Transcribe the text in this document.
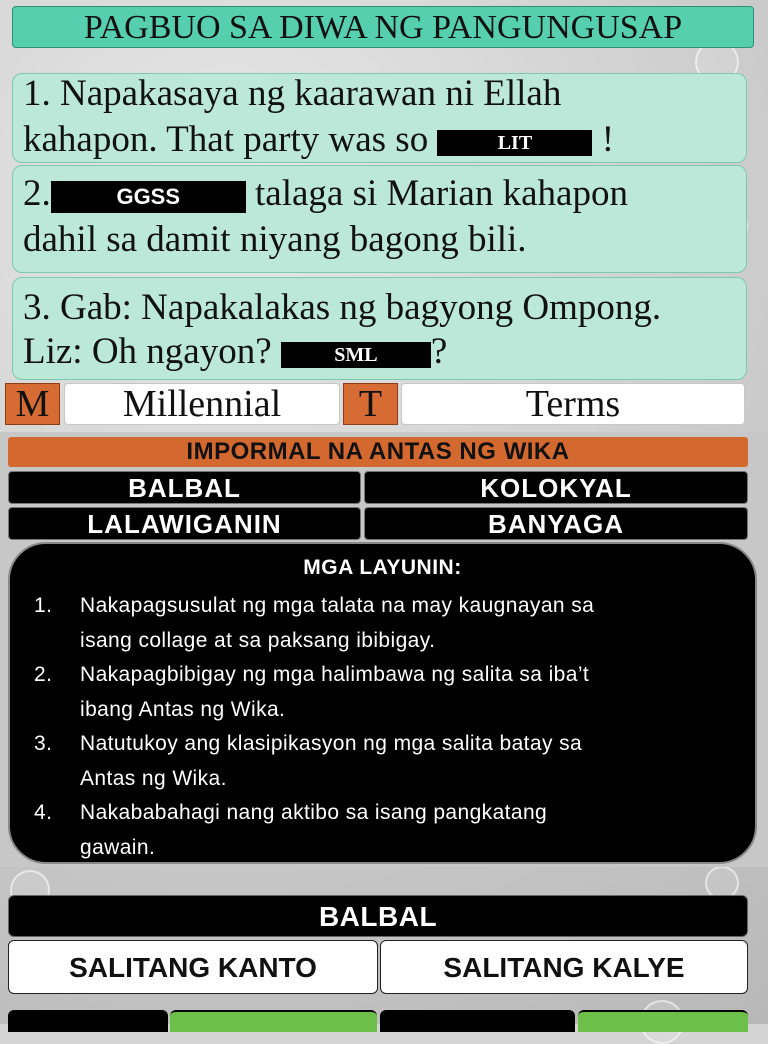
PAGBUO SA DIWA NG PANGUNGUSAP
1. Napakasaya ng kaarawan ni Ellah
kahapon. That party was so	LIT !
2.	GGSS talaga si Marian kahapon
dahil sa damit niyang bagong bili.
3. Gab: Napakalakas ng bagyong Ompong.
Liz: Oh ngayon?	SML ?
M	Millennial	T	Terms
IMPORMAL NA ANTAS NG WIKA
BALBAL	KOLOKYAL
LALAWIGANIN	BANYAGA
MGA LAYUNIN:
1. Nakapagsusulat ng mga talata na may kaugnayan sa
isang collage at sa paksang ibibigay.
2. Nakapagbibigay ng mga halimbawa ng salita sa iba’t
ibang Antas ng Wika.
3. Natutukoy ang klasipikasyon ng mga salita batay sa
Antas ng Wika.
4. Nakababahagi nang aktibo sa isang pangkatang
gawain.
BALBAL
SALITANG KANTO	SALITANG KALYE
